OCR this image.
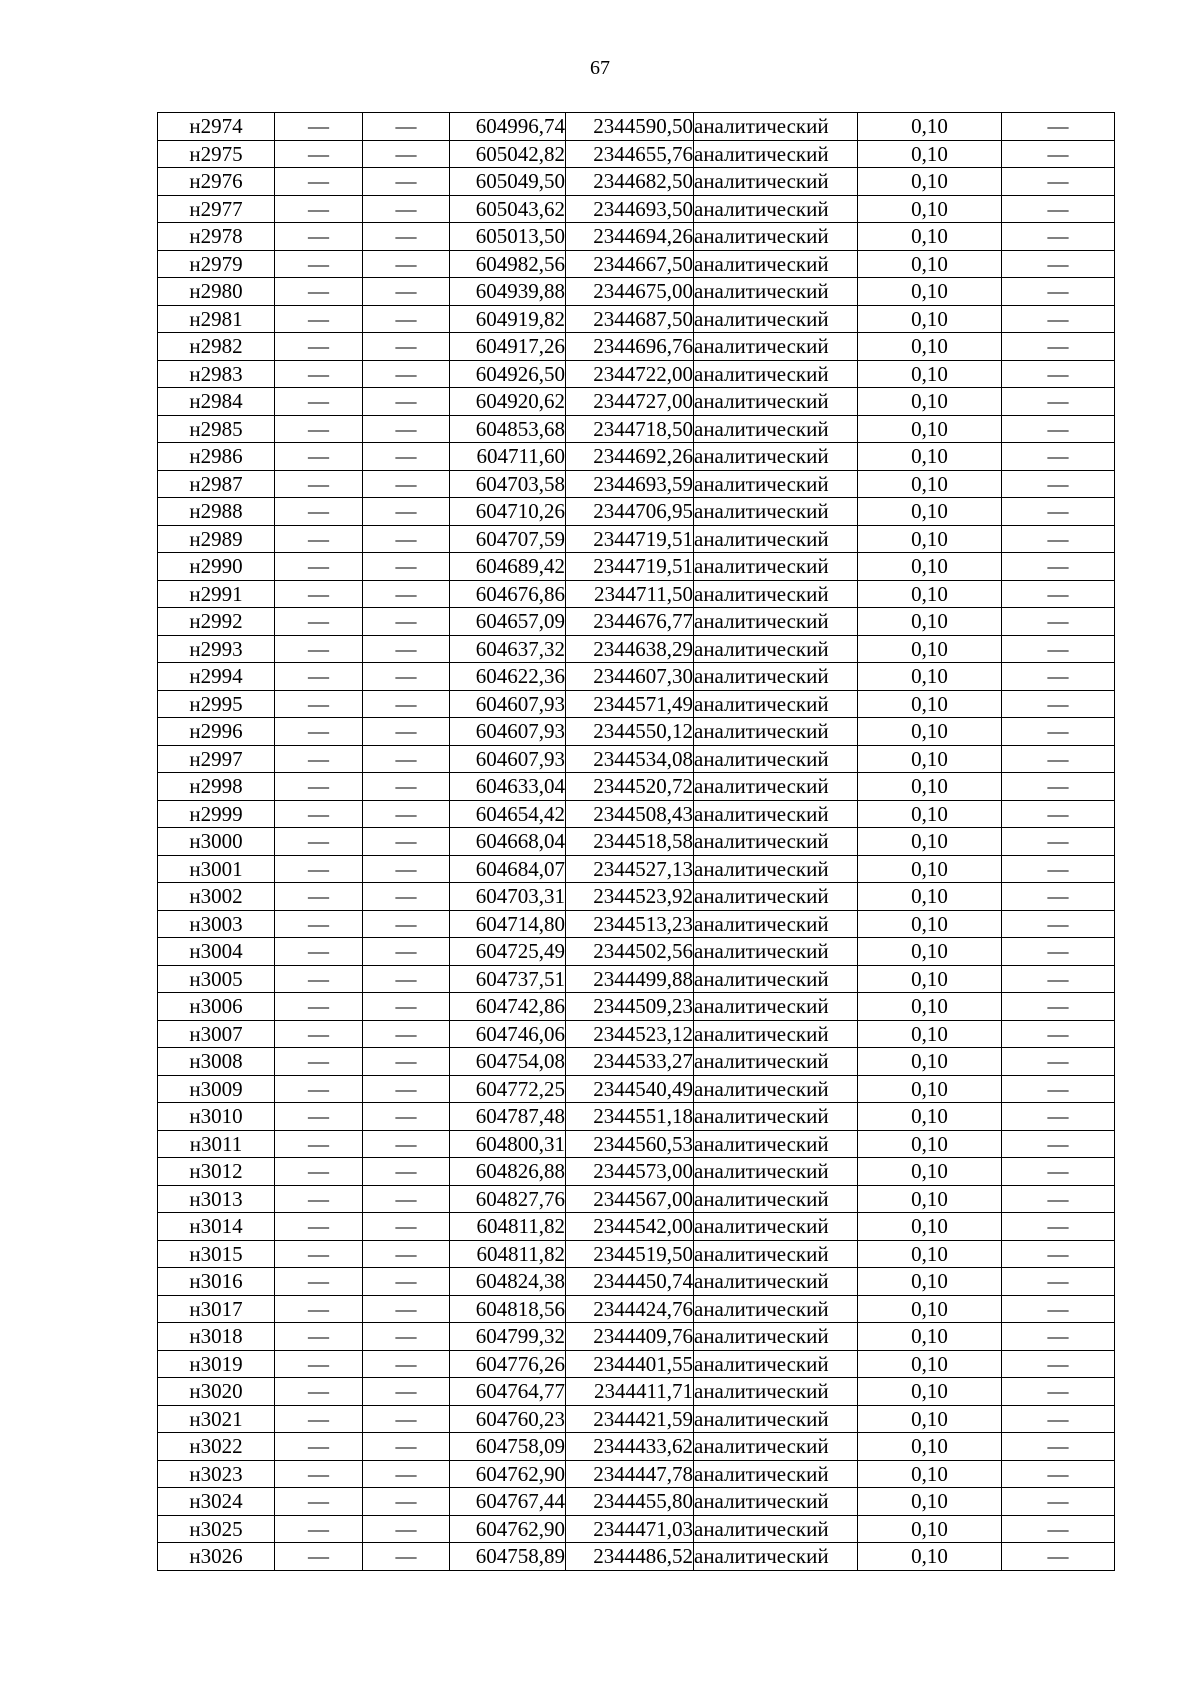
67
н2974	—	—	604996,74	2344590,50	аналитический	0,10	—
н2975	—	—	605042,82	2344655,76	аналитический	0,10	—
н2976	—	—	605049,50	2344682,50	аналитический	0,10	—
н2977	—	—	605043,62	2344693,50	аналитический	0,10	—
н2978	—	—	605013,50	2344694,26	аналитический	0,10	—
н2979	—	—	604982,56	2344667,50	аналитический	0,10	—
н2980	—	—	604939,88	2344675,00	аналитический	0,10	—
н2981	—	—	604919,82	2344687,50	аналитический	0,10	—
н2982	—	—	604917,26	2344696,76	аналитический	0,10	—
н2983	—	—	604926,50	2344722,00	аналитический	0,10	—
н2984	—	—	604920,62	2344727,00	аналитический	0,10	—
н2985	—	—	604853,68	2344718,50	аналитический	0,10	—
н2986	—	—	604711,60	2344692,26	аналитический	0,10	—
н2987	—	—	604703,58	2344693,59	аналитический	0,10	—
н2988	—	—	604710,26	2344706,95	аналитический	0,10	—
н2989	—	—	604707,59	2344719,51	аналитический	0,10	—
н2990	—	—	604689,42	2344719,51	аналитический	0,10	—
н2991	—	—	604676,86	2344711,50	аналитический	0,10	—
н2992	—	—	604657,09	2344676,77	аналитический	0,10	—
н2993	—	—	604637,32	2344638,29	аналитический	0,10	—
н2994	—	—	604622,36	2344607,30	аналитический	0,10	—
н2995	—	—	604607,93	2344571,49	аналитический	0,10	—
н2996	—	—	604607,93	2344550,12	аналитический	0,10	—
н2997	—	—	604607,93	2344534,08	аналитический	0,10	—
н2998	—	—	604633,04	2344520,72	аналитический	0,10	—
н2999	—	—	604654,42	2344508,43	аналитический	0,10	—
н3000	—	—	604668,04	2344518,58	аналитический	0,10	—
н3001	—	—	604684,07	2344527,13	аналитический	0,10	—
н3002	—	—	604703,31	2344523,92	аналитический	0,10	—
н3003	—	—	604714,80	2344513,23	аналитический	0,10	—
н3004	—	—	604725,49	2344502,56	аналитический	0,10	—
н3005	—	—	604737,51	2344499,88	аналитический	0,10	—
н3006	—	—	604742,86	2344509,23	аналитический	0,10	—
н3007	—	—	604746,06	2344523,12	аналитический	0,10	—
н3008	—	—	604754,08	2344533,27	аналитический	0,10	—
н3009	—	—	604772,25	2344540,49	аналитический	0,10	—
н3010	—	—	604787,48	2344551,18	аналитический	0,10	—
н3011	—	—	604800,31	2344560,53	аналитический	0,10	—
н3012	—	—	604826,88	2344573,00	аналитический	0,10	—
н3013	—	—	604827,76	2344567,00	аналитический	0,10	—
н3014	—	—	604811,82	2344542,00	аналитический	0,10	—
н3015	—	—	604811,82	2344519,50	аналитический	0,10	—
н3016	—	—	604824,38	2344450,74	аналитический	0,10	—
н3017	—	—	604818,56	2344424,76	аналитический	0,10	—
н3018	—	—	604799,32	2344409,76	аналитический	0,10	—
н3019	—	—	604776,26	2344401,55	аналитический	0,10	—
н3020	—	—	604764,77	2344411,71	аналитический	0,10	—
н3021	—	—	604760,23	2344421,59	аналитический	0,10	—
н3022	—	—	604758,09	2344433,62	аналитический	0,10	—
н3023	—	—	604762,90	2344447,78	аналитический	0,10	—
н3024	—	—	604767,44	2344455,80	аналитический	0,10	—
н3025	—	—	604762,90	2344471,03	аналитический	0,10	—
н3026	—	—	604758,89	2344486,52	аналитический	0,10	—
